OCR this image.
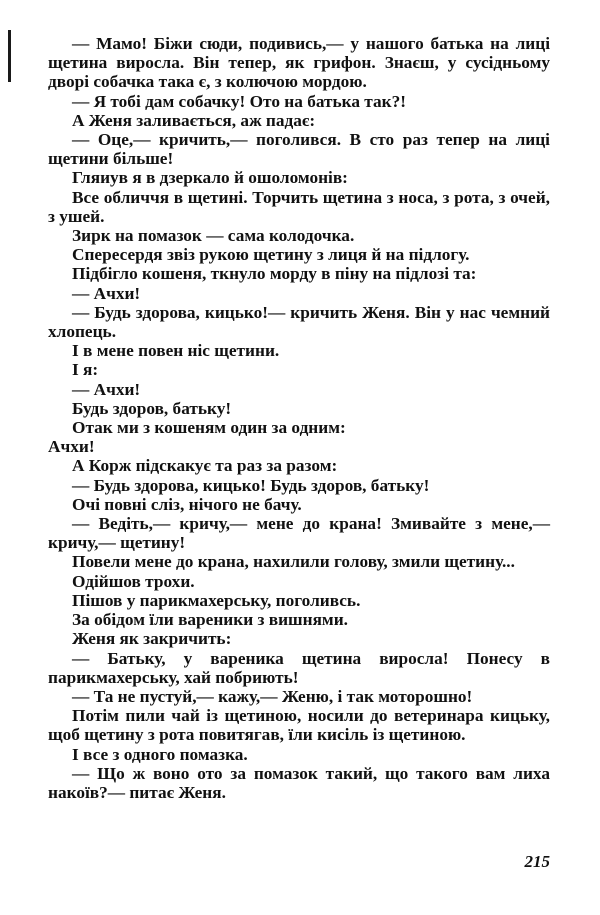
— Мамо! Біжи сюди, подивись,— у нашого батька на лиці щетина виросла. Він тепер, як грифон. Знаєш, у сусідньому дворі собачка така є, з колючою мордою.

— Я тобі дам собачку! Ото на батька так?!

А Женя заливається, аж падає:

— Оце,— кричить,— поголився. В сто раз тепер на лиці щетини більше!

Гляиув я в дзеркало й ошоломонів:

Все обличчя в щетині. Торчить щетина з носа, з рота, з очей, з ушей.

Зирк на помазок — сама колодочка.

Спересердя звіз рукою щетину з лиця й на підлогу.

Підбігло кошеня, ткнуло морду в піну на підлозі та:

— Ачхи!

— Будь здорова, кицько!— кричить Женя. Він у нас чемний хлопець.

І в мене повен ніс щетини.

І я:

— Ачхи!

Будь здоров, батьку!

Отак ми з кошеням один за одним:

Ачхи!

А Корж підскакує та раз за разом:

— Будь здорова, кицько! Будь здоров, батьку!

Очі повні сліз, нічого не бачу.

— Ведіть,— кричу,— мене до крана! Змивайте з мене,— кричу,— щетину!

Повели мене до крана, нахилили голову, змили щетину...

Одійшов трохи.

Пішов у парикмахерську, поголивсь.

За обідом їли вареники з вишнями.

Женя як закричить:

— Батьку, у вареника щетина виросла! Понесу в парикмахерську, хай побриють!

— Та не пустуй,— кажу,— Женю, і так моторошно!

Потім пили чай із щетиною, носили до ветеринара кицьку, щоб щетину з рота повитягав, їли кисіль із щетиною.

І все з одного помазка.

— Що ж воно ото за помазок такий, що такого вам лиха накоїв?— питає Женя.

215
